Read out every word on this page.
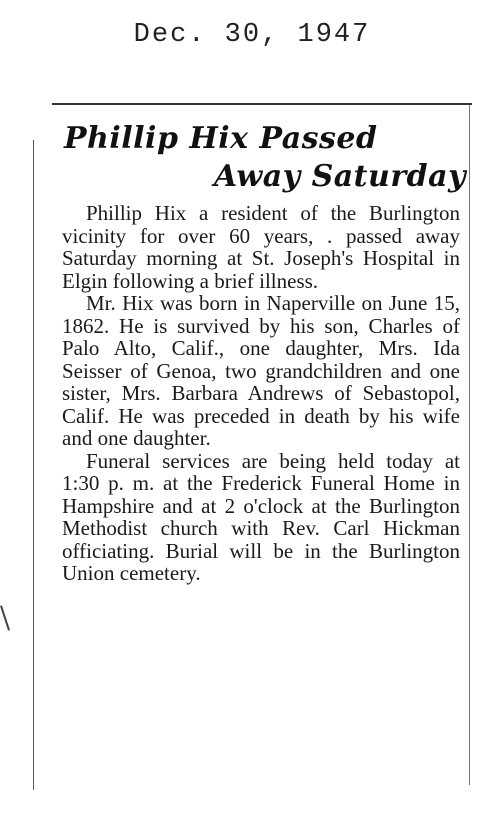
Dec. 30, 1947
Phillip Hix Passed
Away Saturday

Phillip Hix a resident of the Burlington vicinity for over 60 years, . passed away Saturday morning at St. Joseph's Hospital in Elgin following a brief illness.

Mr. Hix was born in Naperville on June 15, 1862. He is survived by his son, Charles of Palo Alto, Calif., one daughter, Mrs. Ida Seisser of Genoa, two grandchildren and one sister, Mrs. Barbara Andrews of Sebastopol, Calif. He was preceded in death by his wife and one daughter.

Funeral services are being held today at 1:30 p. m. at the Frederick Funeral Home in Hampshire and at 2 o'clock at the Burlington Methodist church with Rev. Carl Hickman officiating. Burial will be in the Burlington Union cemetery.
